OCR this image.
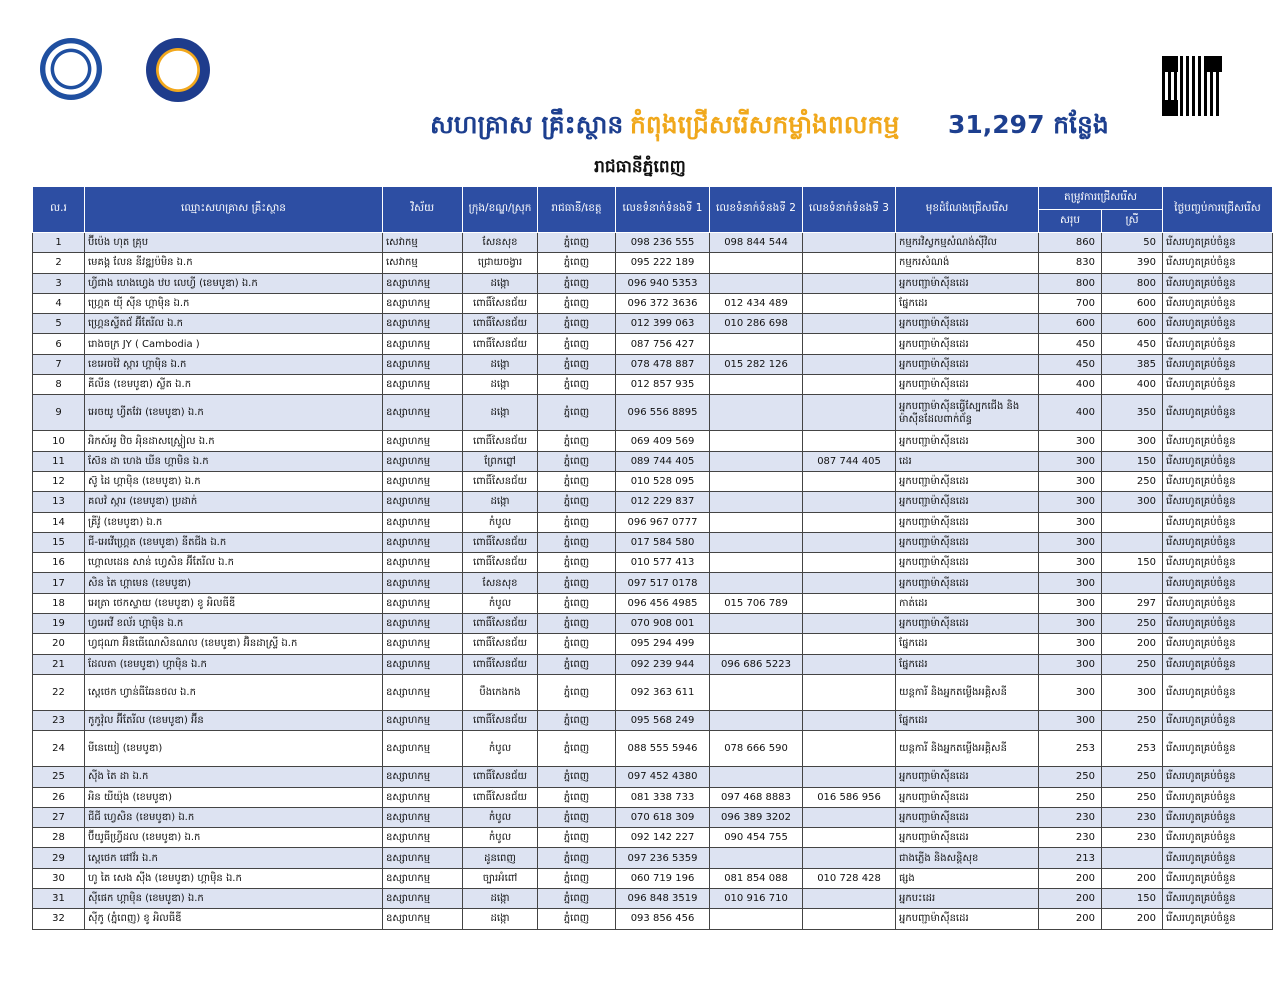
សហគ្រាស គ្រឹះស្ថាន កំពុងជ្រើសរើសកម្លាំងពលកម្ម 31,297 កន្លែង
រាជធានីភ្នំពេញ
ល.រ	ឈ្មោះសហគ្រាស គ្រឹះស្ថាន	វិស័យ	ក្រុង/ខណ្ឌ/ស្រុក	រាជធានី/ខេត្ត	លេខទំនាក់ទំនងទី 1	លេខទំនាក់ទំនងទី 2	លេខទំនាក់ទំនងទី 3	មុខដំណែងជ្រើសរើស	តម្រូវការជ្រើសរើស		ថ្ងៃបញ្ចប់ការជ្រើសរើស
									សរុប	ស្រី	
1	ប៊ីប៉េង ហុត គ្រុប	សេវាកម្ម	សែនសុខ	ភ្នំពេញ	098 236 555	098 844 544		កម្មករវិស្វកម្មសំណង់ស៊ីវិល	860	50	រើសរហូតគ្រប់ចំនួន
2	មេគង្គ លែន នីវឌ្ឍប៉មិន ឯ.ក	សេវាកម្ម	ជ្រោយចង្វារ	ភ្នំពេញ	095 222 189			កម្មករសំណង់	830	390	រើសរហូតគ្រប់ចំនួន
3	ហ្វីជាង ហេងហ្វេង ឋប លេហ្វី (ខេមបូឌា) ឯ.ក	ឧស្សាហកម្ម	ដង្កោ	ភ្នំពេញ	096 940 5353			អ្នកបញ្ជាម៉ាស៊ីនដេរ	800	800	រើសរហូតគ្រប់ចំនួន
4	ហ្គ្រេត យ៉ី ស៊ីន ហ្គាម៉ិន ឯ.ក	ឧស្សាហកម្ម	ពោធិ៍សែនជ័យ	ភ្នំពេញ	096 372 3636	012 434 489		ផ្នែកដេរ	700	600	រើសរហូតគ្រប់ចំនួន
5	ហ្គ្រេនស្ទីតជ័ អ៊ីតែរីល ឯ.ក	ឧស្សាហកម្ម	ពោធិ៍សែនជ័យ	ភ្នំពេញ	012 399 063	010 286 698		អ្នកបញ្ជាម៉ាស៊ីនដេរ	600	600	រើសរហូតគ្រប់ចំនួន
6	រោងចក្រ JY ( Cambodia )	ឧស្សាហកម្ម	ពោធិ៍សែនជ័យ	ភ្នំពេញ	087 756 427			អ្នកបញ្ជាម៉ាស៊ីនដេរ	450	450	រើសរហូតគ្រប់ចំនួន
7	ខេអេចវ៉ៃ ស្ការ ហ្គាម៉ិន ឯ.ក	ឧស្សាហកម្ម	ដង្កោ	ភ្នំពេញ	078 478 887	015 282 126		អ្នកបញ្ជាម៉ាស៊ីនដេរ	450	385	រើសរហូតគ្រប់ចំនួន
8	គីលីន (ខេមបូឌា) ស្លីត ឯ.ក	ឧស្សាហកម្ម	ដង្កោ	ភ្នំពេញ	012 857 935			អ្នកបញ្ជាម៉ាស៊ីនដេរ	400	400	រើសរហូតគ្រប់ចំនួន
9	អេចយូ ហ្វីតវែរ (ខេមបូឌា) ឯ.ក	ឧស្សាហកម្ម	ដង្កោ	ភ្នំពេញ	096 556 8895			អ្នកបញ្ជាម៉ាស៊ីនធ្វើស្បែកជើង និងម៉ាស៊ីនដែលពាក់ព័ន្ធ	400	350	រើសរហូតគ្រប់ចំនួន
10	អិកស៍អូ ឋិច អុិនដាសស្ទ្រៀល ឯ.ក	ឧស្សាហកម្ម	ពោធិ៍សែនជ័យ	ភ្នំពេញ	069 409 569			អ្នកបញ្ជាម៉ាស៊ីនដេរ	300	300	រើសរហូតគ្រប់ចំនួន
11	ស៊ែន ដា ហេង ឃីន ហ្គាមិន ឯ.ក	ឧស្សាហកម្ម	ព្រែកព្នៅ	ភ្នំពេញ	089 744 405		087 744 405	ដេរ	300	150	រើសរហូតគ្រប់ចំនួន
12	ស៊ូ ដៃ ហ្គាម៉ិន (ខេមបូឌា) ឯ.ក	ឧស្សាហកម្ម	ពោធិ៍សែនជ័យ	ភ្នំពេញ	010 528 095			អ្នកបញ្ជាម៉ាស៊ីនដេរ	300	250	រើសរហូតគ្រប់ចំនួន
13	គលវ៉ ស្ការ (ខេមបូឌា) ប្រដាក់	ឧស្សាហកម្ម	ដង្កោ	ភ្នំពេញ	012 229 837			អ្នកបញ្ជាម៉ាស៊ីនដេរ	300	300	រើសរហូតគ្រប់ចំនួន
14	គ្រីវ៉ូ (ខេមបូឌា) ឯ.ក	ឧស្សាហកម្ម	កំបូល	ភ្នំពេញ	096 967 0777			អ្នកបញ្ជាម៉ាស៊ីនដេរ	300		រើសរហូតគ្រប់ចំនួន
15	ជី-អេវើហ្គ្រេត (ខេមបូឌា) នីតជីង ឯ.ក	ឧស្សាហកម្ម	ពោធិ៍សែនជ័យ	ភ្នំពេញ	017 584 580			អ្នកបញ្ជាម៉ាស៊ីនដេរ	300		រើសរហូតគ្រប់ចំនួន
16	ហ្គោលដេន សាន់ ហ្វេសិន អ៊ីតែរីល ឯ.ក	ឧស្សាហកម្ម	ពោធិ៍សែនជ័យ	ភ្នំពេញ	010 577 413			អ្នកបញ្ជាម៉ាស៊ីនដេរ	300	150	រើសរហូតគ្រប់ចំនួន
17	សិន តៃ ហ្គាមេន (ខេមបូឌា)	ឧស្សាហកម្ម	សែនសុខ	ភ្នំពេញ	097 517 0178			អ្នកបញ្ជាម៉ាស៊ីនដេរ	300		រើសរហូតគ្រប់ចំនួន
18	អេត្រា ថេកស្ទាយ (ខេមបូឌា) ខូ អិលធីឌី	ឧស្សាហកម្ម	កំបូល	ភ្នំពេញ	096 456 4985	015 706 789		កាត់ដេរ	300	297	រើសរហូតគ្រប់ចំនួន
19	ហ្វអេវើ ខល័រ ហ្គាម៉ិន ឯ.ក	ឧស្សាហកម្ម	ពោធិ៍សែនជ័យ	ភ្នំពេញ	070 908 001			អ្នកបញ្ជាម៉ាស៊ីនដេរ	300	250	រើសរហូតគ្រប់ចំនួន
20	ហ្វជុណា អ៊ិនធើណេសិនណល (ខេមបូឌា) អ៊ិនដាស្ទ្រី ឯ.ក	ឧស្សាហកម្ម	ពោធិ៍សែនជ័យ	ភ្នំពេញ	095 294 499			ផ្នែកដេរ	300	200	រើសរហូតគ្រប់ចំនួន
21	ដែលតា (ខេមបូឌា) ហ្គាម៉ិន ឯ.ក	ឧស្សាហកម្ម	ពោធិ៍សែនជ័យ	ភ្នំពេញ	092 239 944	096 686 5223		ផ្នែកដេរ	300	250	រើសរហូតគ្រប់ចំនួន
22	ស្តេថេក ហ្វាន់ធីឆែនថល ឯ.ក	ឧស្សាហកម្ម	បឹងកេងកង	ភ្នំពេញ	092 363 611			យន្តការី និងអ្នកតម្លើងអគ្គិសនី	300	300	រើសរហូតគ្រប់ចំនួន
23	កូកូវ៉ុល អ៊ីតែរីល (ខេមបូឌា) អ៊ីន	ឧស្សាហកម្ម	ពោធិ៍សែនជ័យ	ភ្នំពេញ	095 568 249			ផ្នែកដេរ	300	250	រើសរហូតគ្រប់ចំនួន
24	មីនេយៀ (ខេមបូឌា)	ឧស្សាហកម្ម	កំបូល	ភ្នំពេញ	088 555 5946	078 666 590		យន្តការី និងអ្នកតម្លើងអគ្គិសនី	253	253	រើសរហូតគ្រប់ចំនួន
25	ស៊ីង តៃ ដា ឯ.ក	ឧស្សាហកម្ម	ពោធិ៍សែនជ័យ	ភ្នំពេញ	097 452 4380			អ្នកបញ្ជាម៉ាស៊ីនដេរ	250	250	រើសរហូតគ្រប់ចំនួន
26	អិន យីយ៉ុង (ខេមបូឌា)	ឧស្សាហកម្ម	ពោធិ៍សែនជ័យ	ភ្នំពេញ	081 338 733	097 468 8883	016 586 956	អ្នកបញ្ជាម៉ាស៊ីនដេរ	250	250	រើសរហូតគ្រប់ចំនួន
27	ជីជី ហ្វេសិន (ខេមបូឌា) ឯ.ក	ឧស្សាហកម្ម	កំបូល	ភ្នំពេញ	070 618 309	096 389 3202		អ្នកបញ្ជាម៉ាស៊ីនដេរ	230	230	រើសរហូតគ្រប់ចំនួន
28	ប៊ីយូធីហ្វ្រីដល (ខេមបូឌា) ឯ.ក	ឧស្សាហកម្ម	កំបូល	ភ្នំពេញ	092 142 227	090 454 755		អ្នកបញ្ជាម៉ាស៊ីនដេរ	230	230	រើសរហូតគ្រប់ចំនួន
29	ស្តេថេក ផៅវ័រ ឯ.ក	ឧស្សាហកម្ម	ដូនពេញ	ភ្នំពេញ	097 236 5359			ជាងភ្លើង និងសន្តិសុខ	213		រើសរហូតគ្រប់ចំនួន
30	ហូ តៃ សេង ស៊ីង (ខេមបូឌា) ហ្គាម៉ិន ឯ.ក	ឧស្សាហកម្ម	ច្បារអំពៅ	ភ្នំពេញ	060 719 196	081 854 088	010 728 428	ផ្សង	200	200	រើសរហូតគ្រប់ចំនួន
31	ស៊ីផេក ហ្គាម៉ិន (ខេមបូឌា) ឯ.ក	ឧស្សាហកម្ម	ដង្កោ	ភ្នំពេញ	096 848 3519	010 916 710		អ្នកបះដេរ	200	150	រើសរហូតគ្រប់ចំនួន
32	ស៊ីកូ (ភ្នំពេញ) ខូ អិលធីឌី	ឧស្សាហកម្ម	ដង្កោ	ភ្នំពេញ	093 856 456			អ្នកបញ្ជាម៉ាស៊ីនដេរ	200	200	រើសរហូតគ្រប់ចំនួន
